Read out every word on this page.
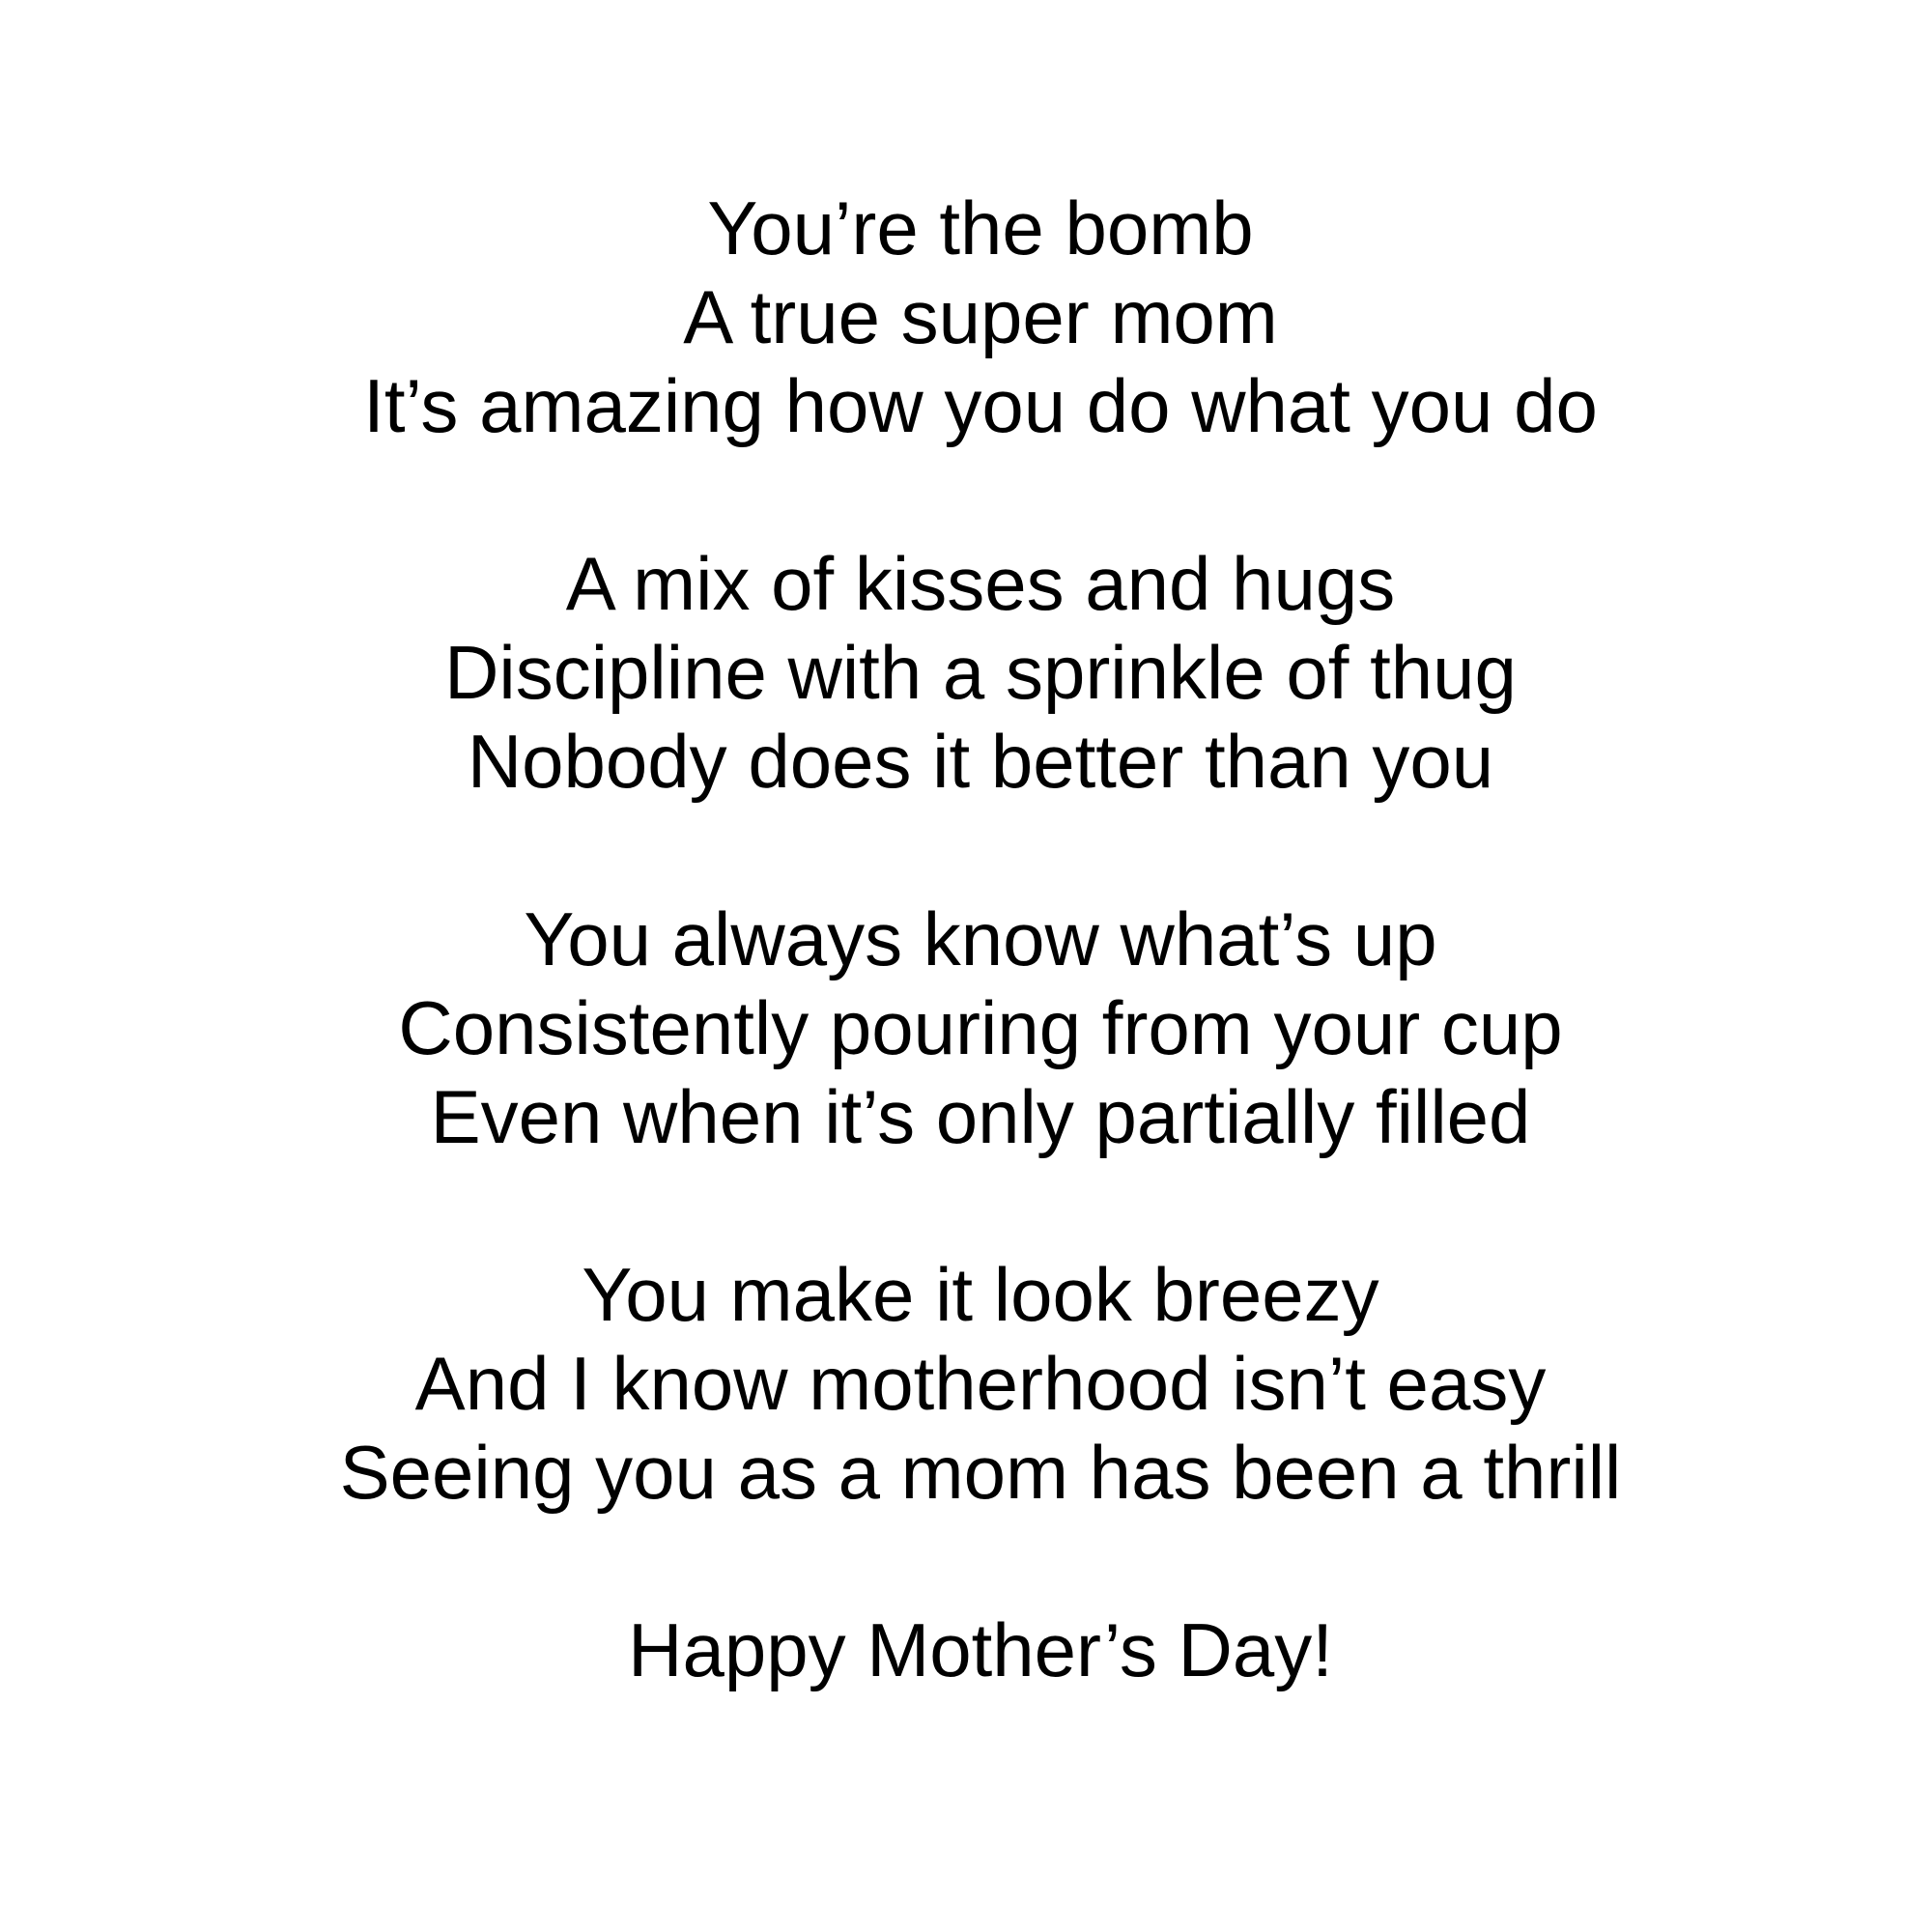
You’re the bomb
A true super mom
It’s amazing how you do what you do
A mix of kisses and hugs
Discipline with a sprinkle of thug
Nobody does it better than you
You always know what’s up
Consistently pouring from your cup
Even when it’s only partially filled
You make it look breezy
And I know motherhood isn’t easy
Seeing you as a mom has been a thrill
Happy Mother’s Day!
